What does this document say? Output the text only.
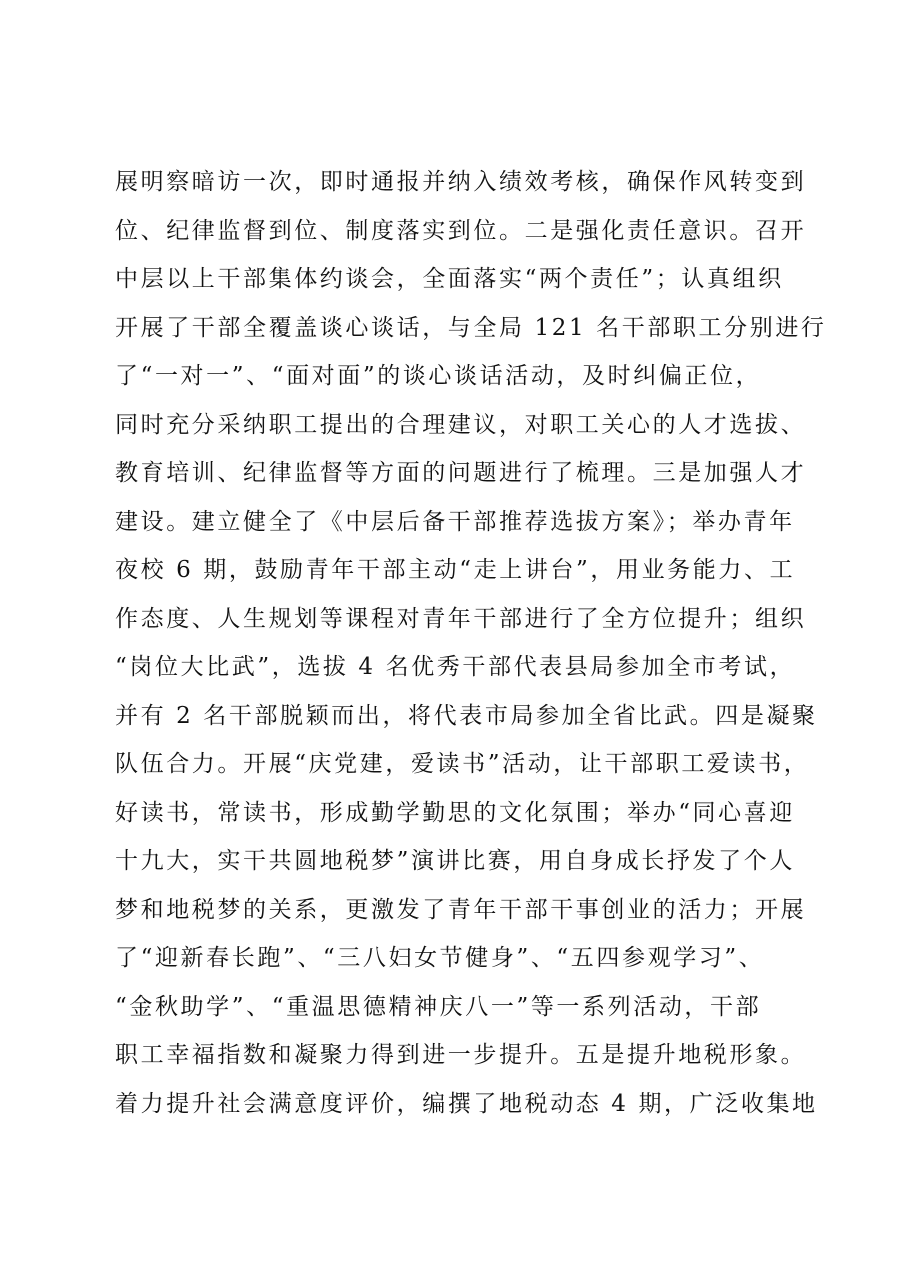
展明察暗访一次，即时通报并纳入绩效考核，确保作风转变到
位、纪律监督到位、制度落实到位。二是强化责任意识。召开
中层以上干部集体约谈会，全面落实“两个责任”；认真组织
开展了干部全覆盖谈心谈话，与全局 121 名干部职工分别进行
了“一对一”、“面对面”的谈心谈话活动，及时纠偏正位，
同时充分采纳职工提出的合理建议，对职工关心的人才选拔、
教育培训、纪律监督等方面的问题进行了梳理。三是加强人才
建设。建立健全了《中层后备干部推荐选拔方案》；举办青年
夜校 6 期，鼓励青年干部主动“走上讲台”，用业务能力、工
作态度、人生规划等课程对青年干部进行了全方位提升；组织
“岗位大比武”，选拔 4 名优秀干部代表县局参加全市考试，
并有 2 名干部脱颖而出，将代表市局参加全省比武。四是凝聚
队伍合力。开展“庆党建，爱读书”活动，让干部职工爱读书，
好读书，常读书，形成勤学勤思的文化氛围；举办“同心喜迎
十九大，实干共圆地税梦”演讲比赛，用自身成长抒发了个人
梦和地税梦的关系，更激发了青年干部干事创业的活力；开展
了“迎新春长跑”、“三八妇女节健身”、“五四参观学习”、
“金秋助学”、“重温思德精神庆八一”等一系列活动，干部
职工幸福指数和凝聚力得到进一步提升。五是提升地税形象。
着力提升社会满意度评价，编撰了地税动态 4 期，广泛收集地
